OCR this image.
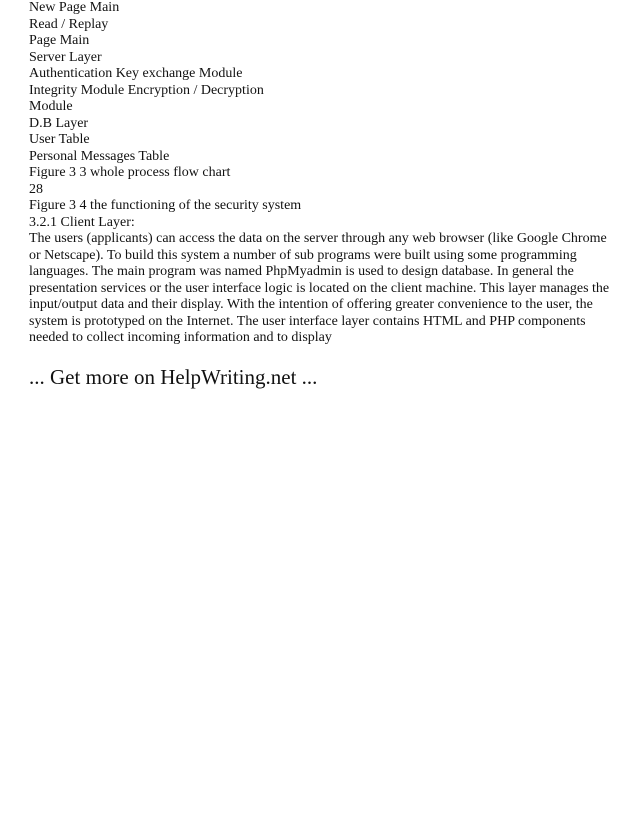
New Page Main
Read / Replay
Page Main
Server Layer
Authentication Key exchange Module
Integrity Module Encryption / Decryption
Module
D.B Layer
User Table
Personal Messages Table
Figure 3 3 whole process flow chart
28
Figure 3 4 the functioning of the security system
3.2.1 Client Layer:

The users (applicants) can access the data on the server through any web browser (like Google Chrome or Netscape). To build this system a number of sub programs were built using some programming languages. The main program was named PhpMyadmin is used to design database. In general the presentation services or the user interface logic is located on the client machine. This layer manages the input/output data and their display. With the intention of offering greater convenience to the user, the system is prototyped on the Internet. The user interface layer contains HTML and PHP components needed to collect incoming information and to display

... Get more on HelpWriting.net ...
